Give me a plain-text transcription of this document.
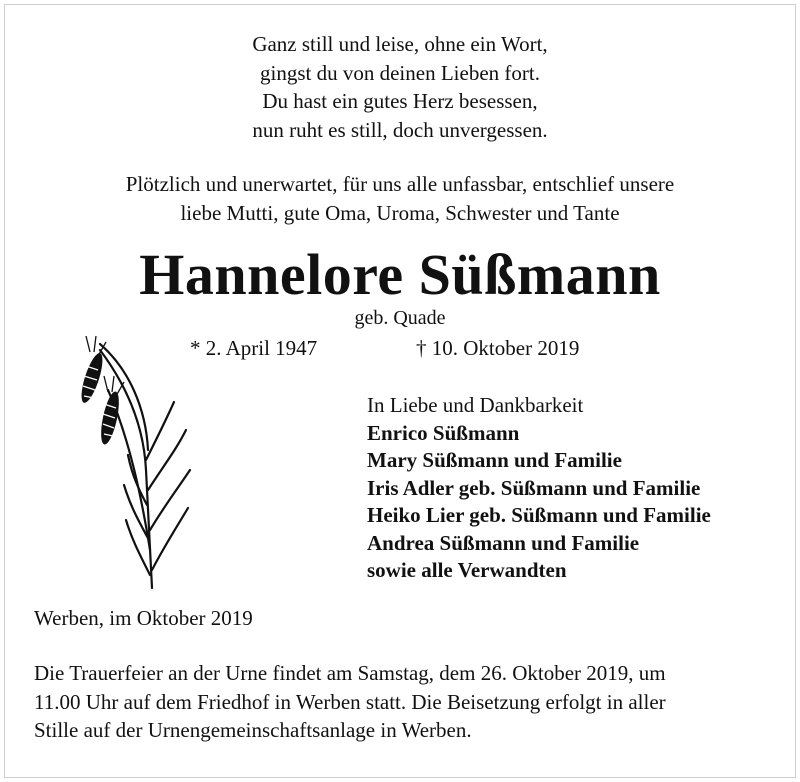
Ganz still und leise, ohne ein Wort,
gingst du von deinen Lieben fort.
Du hast ein gutes Herz besessen,
nun ruht es still, doch unvergessen.
Plötzlich und unerwartet, für uns alle unfassbar, entschlief unsere
liebe Mutti, gute Oma, Uroma, Schwester und Tante
Hannelore Süßmann
geb. Quade
* 2. April 1947	† 10. Oktober 2019
In Liebe und Dankbarkeit
Enrico Süßmann
Mary Süßmann und Familie
Iris Adler geb. Süßmann und Familie
Heiko Lier geb. Süßmann und Familie
Andrea Süßmann und Familie
sowie alle Verwandten
Werben, im Oktober 2019
Die Trauerfeier an der Urne findet am Samstag, dem 26. Oktober 2019, um
11.00 Uhr auf dem Friedhof in Werben statt. Die Beisetzung erfolgt in aller
Stille auf der Urnengemeinschaftsanlage in Werben.
